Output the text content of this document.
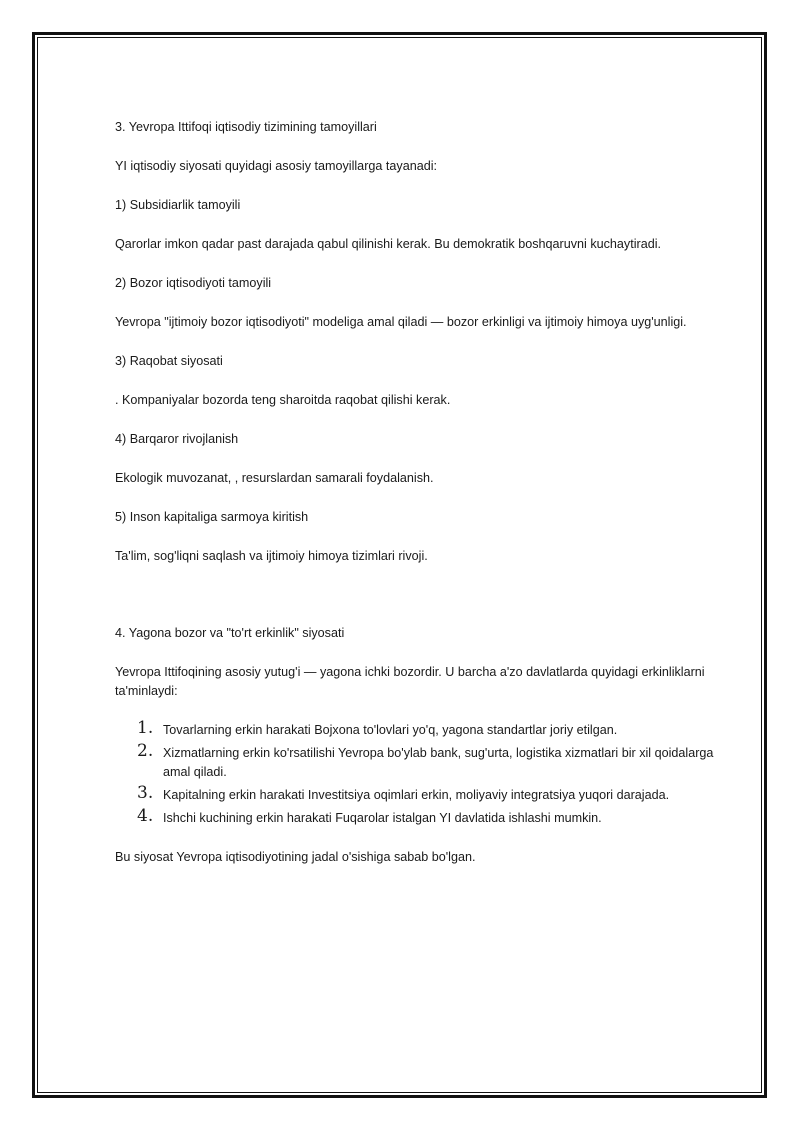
3. Yevropa Ittifoqi iqtisodiy tizimining tamoyillari

YI iqtisodiy siyosati quyidagi asosiy tamoyillarga tayanadi:

1) Subsidiarlik tamoyili

Qarorlar imkon qadar past darajada qabul qilinishi kerak. Bu demokratik boshqaruvni kuchaytiradi.

2) Bozor iqtisodiyoti tamoyili

Yevropa "ijtimoiy bozor iqtisodiyoti" modeliga amal qiladi — bozor erkinligi va ijtimoiy himoya uyg'unligi.

3) Raqobat siyosati

. Kompaniyalar bozorda teng sharoitda raqobat qilishi kerak.

4) Barqaror rivojlanish

Ekologik muvozanat, , resurslardan samarali foydalanish.

5) Inson kapitaliga sarmoya kiritish

Ta'lim, sog'liqni saqlash va ijtimoiy himoya tizimlari rivoji.

4. Yagona bozor va "to'rt erkinlik" siyosati

Yevropa Ittifoqining asosiy yutug'i — yagona ichki bozordir. U barcha a'zo davlatlarda quyidagi erkinliklarni ta'minlaydi:

1. Tovarlarning erkin harakati Bojxona to'lovlari yo'q, yagona standartlar joriy etilgan.
2. Xizmatlarning erkin ko'rsatilishi Yevropa bo'ylab bank, sug'urta, logistika xizmatlari bir xil qoidalarga amal qiladi.
3. Kapitalning erkin harakati Investitsiya oqimlari erkin, moliyaviy integratsiya yuqori darajada.
4. Ishchi kuchining erkin harakati Fuqarolar istalgan YI davlatida ishlashi mumkin.

Bu siyosat Yevropa iqtisodiyotining jadal o'sishiga sabab bo'lgan.
